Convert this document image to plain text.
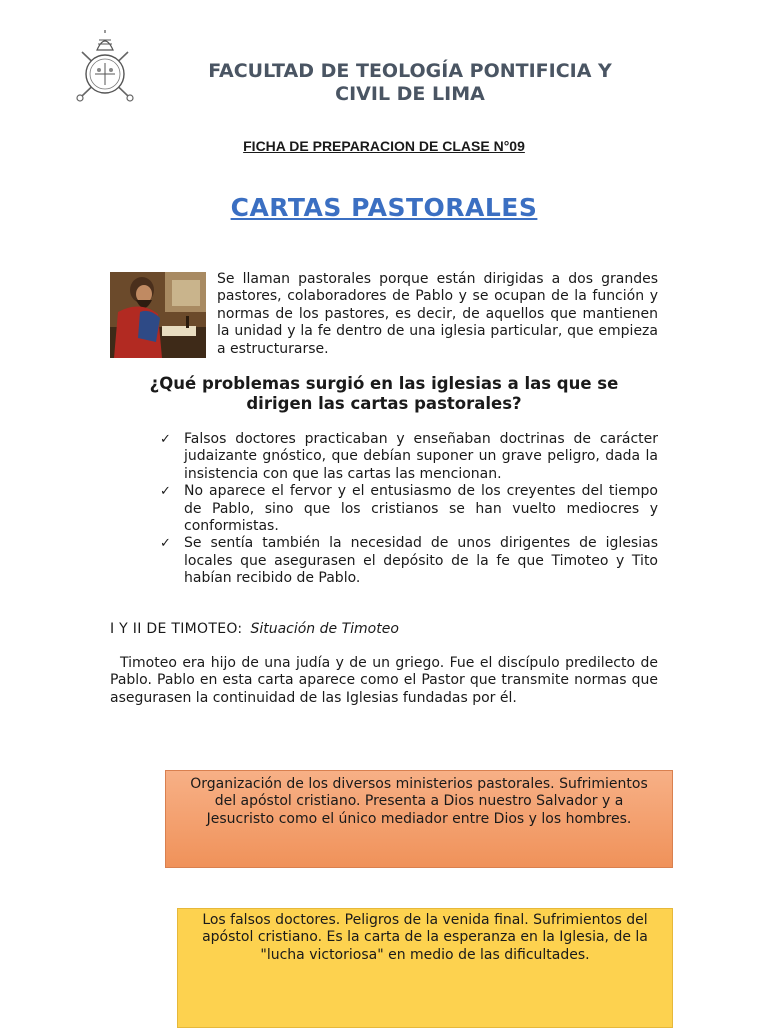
FACULTAD DE TEOLOGÍA PONTIFICIA Y
CIVIL DE LIMA
FICHA DE PREPARACION DE CLASE N°09
CARTAS PASTORALES
Se llaman pastorales porque están dirigidas a dos grandes pastores, colaboradores de Pablo y se ocupan de la función y normas de los pastores, es decir, de aquellos que mantienen la unidad y la fe dentro de una iglesia particular, que empieza a estructurarse.
¿Qué problemas surgió en las iglesias a las que se
dirigen las cartas pastorales?
✓ Falsos doctores practicaban y enseñaban doctrinas de carácter judaizante gnóstico, que debían suponer un grave peligro, dada la insistencia con que las cartas las mencionan.
✓ No aparece el fervor y el entusiasmo de los creyentes del tiempo de Pablo, sino que los cristianos se han vuelto mediocres y conformistas.
✓ Se sentía también la necesidad de unos dirigentes de iglesias locales que asegurasen el depósito de la fe que Timoteo y Tito habían recibido de Pablo.
I Y II DE TIMOTEO: Situación de Timoteo
Timoteo era hijo de una judía y de un griego. Fue el discípulo predilecto de Pablo. Pablo en esta carta aparece como el Pastor que transmite normas que asegurasen la continuidad de las Iglesias fundadas por él.
Organización de los diversos ministerios pastorales. Sufrimientos del apóstol cristiano. Presenta a Dios nuestro Salvador y a Jesucristo como el único mediador entre Dios y los hombres.
Los falsos doctores. Peligros de la venida final. Sufrimientos del apóstol cristiano. Es la carta de la esperanza en la Iglesia, de la "lucha victoriosa" en medio de las dificultades.
